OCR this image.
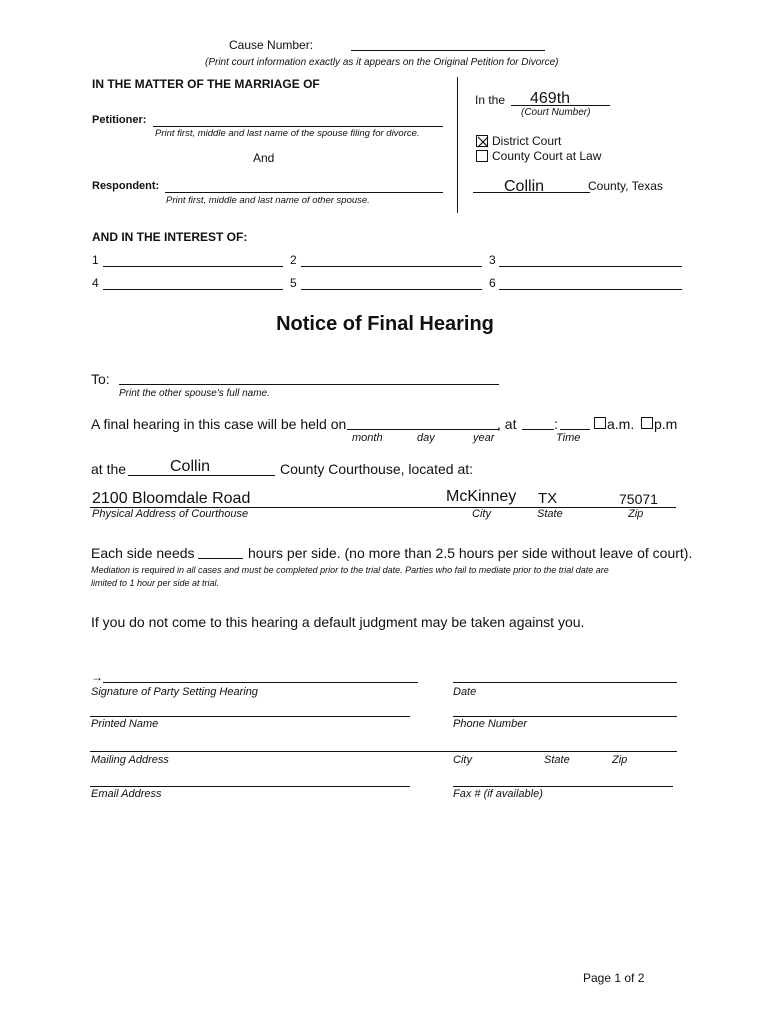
Cause Number:
(Print court information exactly as it appears on the Original Petition for Divorce)
IN THE MATTER OF THE MARRIAGE OF
Petitioner:
Print first, middle and last name of the spouse filing for divorce.
And
Respondent:
Print first, middle and last name of other spouse.
In the 469th
(Court Number)
District Court
County Court at Law
Collin	County, Texas
AND IN THE INTEREST OF:
1	2	3
4	5	6
Notice of Final Hearing
To:
Print the other spouse's full name.
A final hearing in this case will be held on	, at	:	a.m. p.m
month	day	year	Time
at the	Collin	County Courthouse, located at:
2100 Bloomdale Road	McKinney TX	75071
Physical Address of Courthouse	City	State	Zip
Each side needs	hours per side. (no more than 2.5 hours per side without leave of court).
Mediation is required in all cases and must be completed prior to the trial date. Parties who fail to mediate prior to the trial date are
limited to 1 hour per side at trial.
If you do not come to this hearing a default judgment may be taken against you.
→
Signature of Party Setting Hearing	Date
Printed Name	Phone Number
Mailing Address	City	State	Zip
Email Address	Fax # (if available)
Page 1 of 2
